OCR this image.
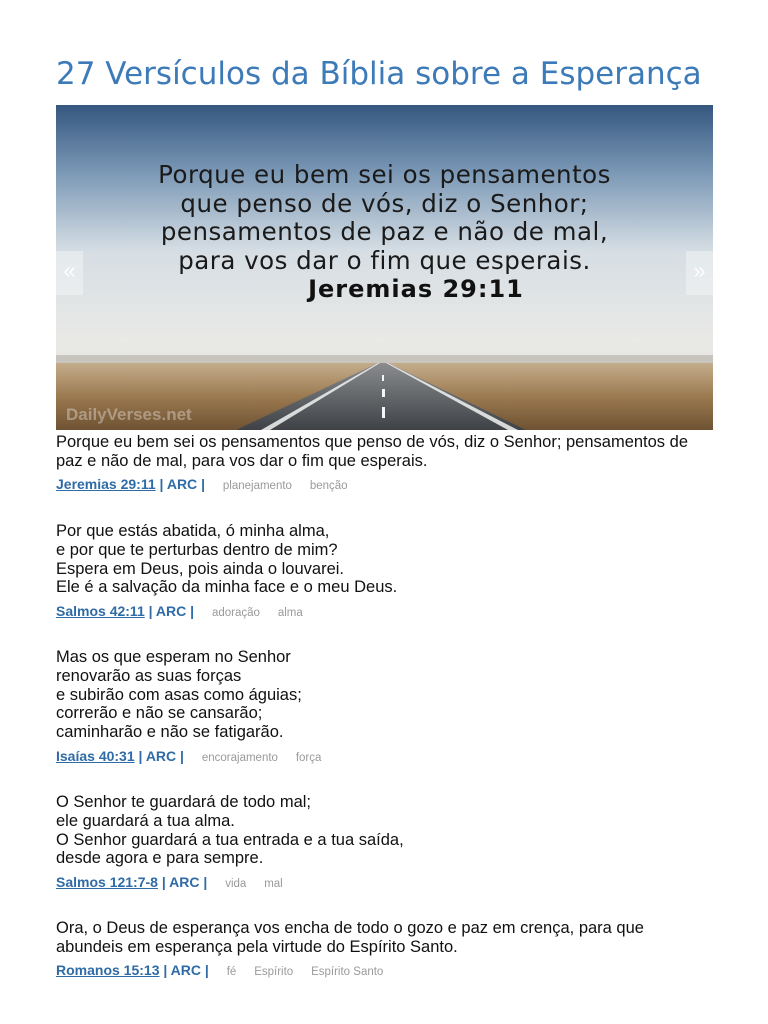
27 Versículos da Bíblia sobre a Esperança
Porque eu bem sei os pensamentos
que penso de vós, diz o Senhor;
pensamentos de paz e não de mal,
para vos dar o fim que esperais.
Jeremias 29:11
DailyVerses.net
«	»
Porque eu bem sei os pensamentos que penso de vós, diz o Senhor; pensamentos de
paz e não de mal, para vos dar o fim que esperais.
Jeremias 29:11 | ARC | planejamento benção
Por que estás abatida, ó minha alma,
e por que te perturbas dentro de mim?
Espera em Deus, pois ainda o louvarei.
Ele é a salvação da minha face e o meu Deus.
Salmos 42:11 | ARC | adoração alma
Mas os que esperam no Senhor
renovarão as suas forças
e subirão com asas como águias;
correrão e não se cansarão;
caminharão e não se fatigarão.
Isaías 40:31 | ARC | encorajamento força
O Senhor te guardará de todo mal;
ele guardará a tua alma.
O Senhor guardará a tua entrada e a tua saída,
desde agora e para sempre.
Salmos 121:7-8 | ARC | vida mal
Ora, o Deus de esperança vos encha de todo o gozo e paz em crença, para que
abundeis em esperança pela virtude do Espírito Santo.
Romanos 15:13 | ARC | fé Espírito Espírito Santo
